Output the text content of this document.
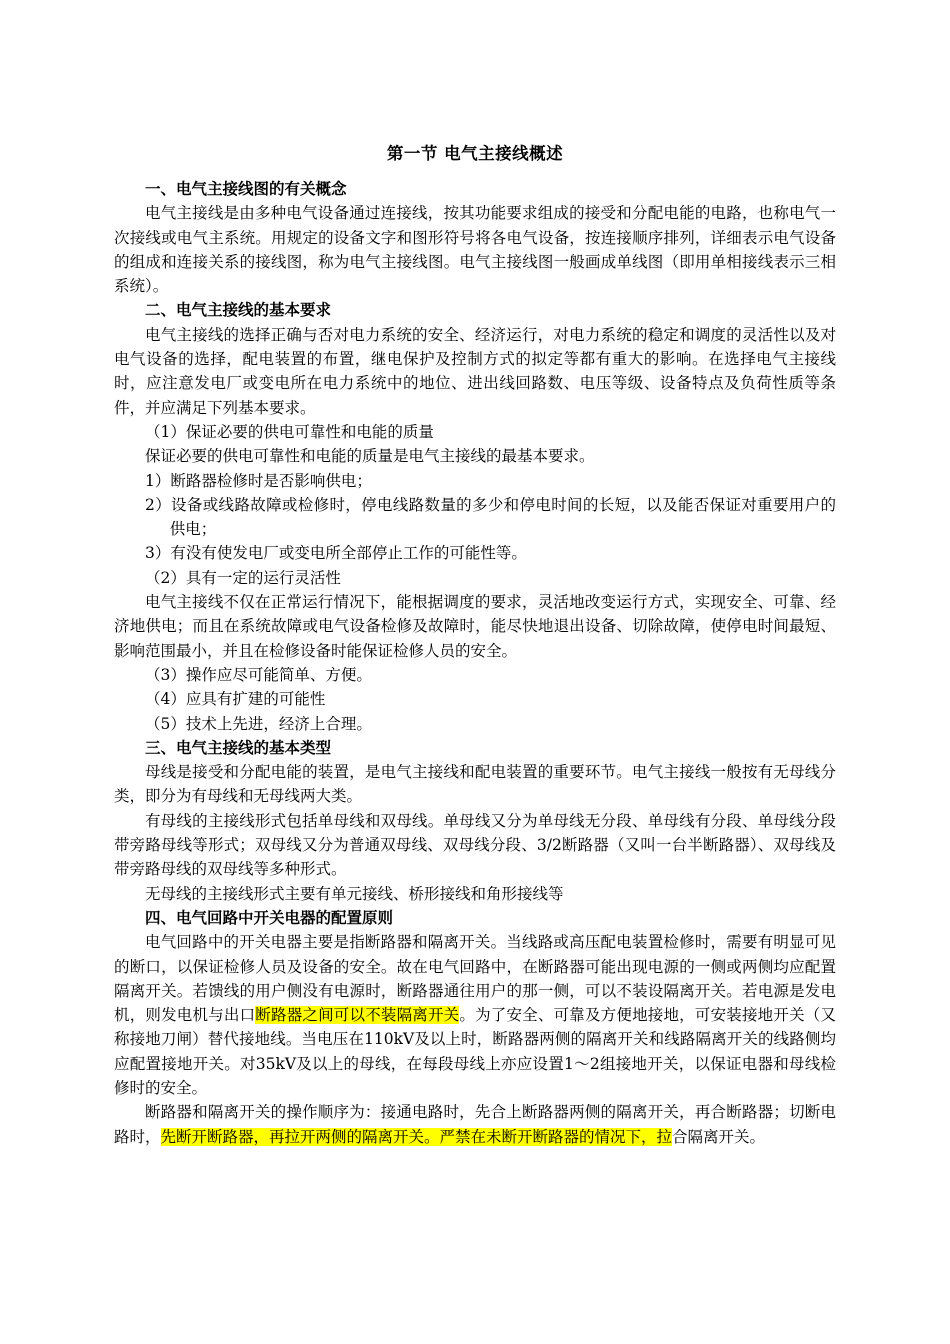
第一节 电气主接线概述

一、电气主接线图的有关概念

电气主接线是由多种电气设备通过连接线，按其功能要求组成的接受和分配电能的电路，也称电气一次接线或电气主系统。用规定的设备文字和图形符号将各电气设备，按连接顺序排列，详细表示电气设备的组成和连接关系的接线图，称为电气主接线图。电气主接线图一般画成单线图（即用单相接线表示三相系统）。

二、电气主接线的基本要求

电气主接线的选择正确与否对电力系统的安全、经济运行，对电力系统的稳定和调度的灵活性以及对电气设备的选择，配电装置的布置，继电保护及控制方式的拟定等都有重大的影响。在选择电气主接线时，应注意发电厂或变电所在电力系统中的地位、进出线回路数、电压等级、设备特点及负荷性质等条件，并应满足下列基本要求。

（1）保证必要的供电可靠性和电能的质量

保证必要的供电可靠性和电能的质量是电气主接线的最基本要求。

1）断路器检修时是否影响供电；

2）设备或线路故障或检修时，停电线路数量的多少和停电时间的长短，以及能否保证对重要用户的供电；

3）有没有使发电厂或变电所全部停止工作的可能性等。

（2）具有一定的运行灵活性

电气主接线不仅在正常运行情况下，能根据调度的要求，灵活地改变运行方式，实现安全、可靠、经济地供电；而且在系统故障或电气设备检修及故障时，能尽快地退出设备、切除故障，使停电时间最短、影响范围最小，并且在检修设备时能保证检修人员的安全。

（3）操作应尽可能简单、方便。

（4）应具有扩建的可能性

（5）技术上先进，经济上合理。

三、电气主接线的基本类型

母线是接受和分配电能的装置，是电气主接线和配电装置的重要环节。电气主接线一般按有无母线分类，即分为有母线和无母线两大类。

有母线的主接线形式包括单母线和双母线。单母线又分为单母线无分段、单母线有分段、单母线分段带旁路母线等形式；双母线又分为普通双母线、双母线分段、3/2断路器（又叫一台半断路器）、双母线及带旁路母线的双母线等多种形式。

无母线的主接线形式主要有单元接线、桥形接线和角形接线等

四、电气回路中开关电器的配置原则

电气回路中的开关电器主要是指断路器和隔离开关。当线路或高压配电装置检修时，需要有明显可见的断口，以保证检修人员及设备的安全。故在电气回路中，在断路器可能出现电源的一侧或两侧均应配置隔离开关。若馈线的用户侧没有电源时，断路器通往用户的那一侧，可以不装设隔离开关。若电源是发电机，则发电机与出口断路器之间可以不装隔离开关。为了安全、可靠及方便地接地，可安装接地开关（又称接地刀闸）替代接地线。当电压在110kV及以上时，断路器两侧的隔离开关和线路隔离开关的线路侧均应配置接地开关。对35kV及以上的母线，在每段母线上亦应设置1～2组接地开关，以保证电器和母线检修时的安全。

断路器和隔离开关的操作顺序为：接通电路时，先合上断路器两侧的隔离开关，再合断路器；切断电路时，先断开断路器，再拉开两侧的隔离开关。严禁在未断开断路器的情况下，拉合隔离开关。
